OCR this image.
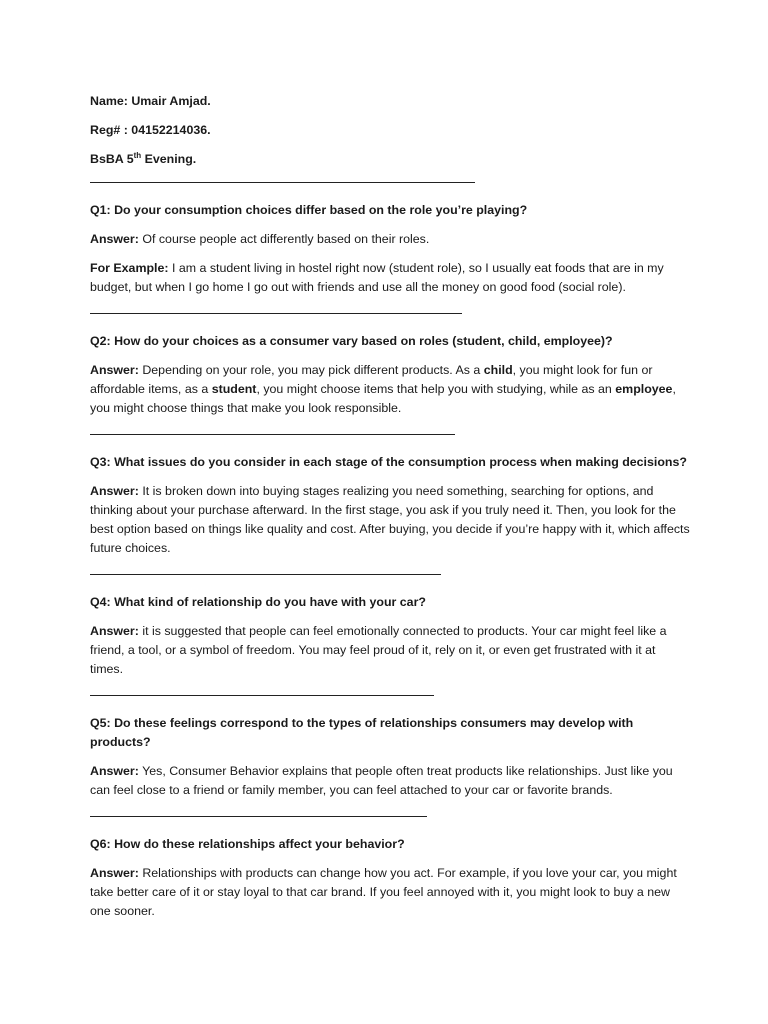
Name: Umair Amjad.
Reg# : 04152214036.
BsBA 5th Evening.
Q1: Do your consumption choices differ based on the role you’re playing?
Answer: Of course people act differently based on their roles.
For Example: I am a student living in hostel right now (student role), so I usually eat foods that are in my budget, but when I go home I go out with friends and use all the money on good food (social role).
Q2: How do your choices as a consumer vary based on roles (student, child, employee)?
Answer: Depending on your role, you may pick different products. As a child, you might look for fun or affordable items, as a student, you might choose items that help you with studying, while as an employee, you might choose things that make you look responsible.
Q3: What issues do you consider in each stage of the consumption process when making decisions?
Answer: It is broken down into buying stages realizing you need something, searching for options, and thinking about your purchase afterward. In the first stage, you ask if you truly need it. Then, you look for the best option based on things like quality and cost. After buying, you decide if you’re happy with it, which affects future choices.
Q4: What kind of relationship do you have with your car?
Answer: it is suggested that people can feel emotionally connected to products. Your car might feel like a friend, a tool, or a symbol of freedom. You may feel proud of it, rely on it, or even get frustrated with it at times.
Q5: Do these feelings correspond to the types of relationships consumers may develop with products?
Answer: Yes, Consumer Behavior explains that people often treat products like relationships. Just like you can feel close to a friend or family member, you can feel attached to your car or favorite brands.
Q6: How do these relationships affect your behavior?
Answer: Relationships with products can change how you act. For example, if you love your car, you might take better care of it or stay loyal to that car brand. If you feel annoyed with it, you might look to buy a new one sooner.
